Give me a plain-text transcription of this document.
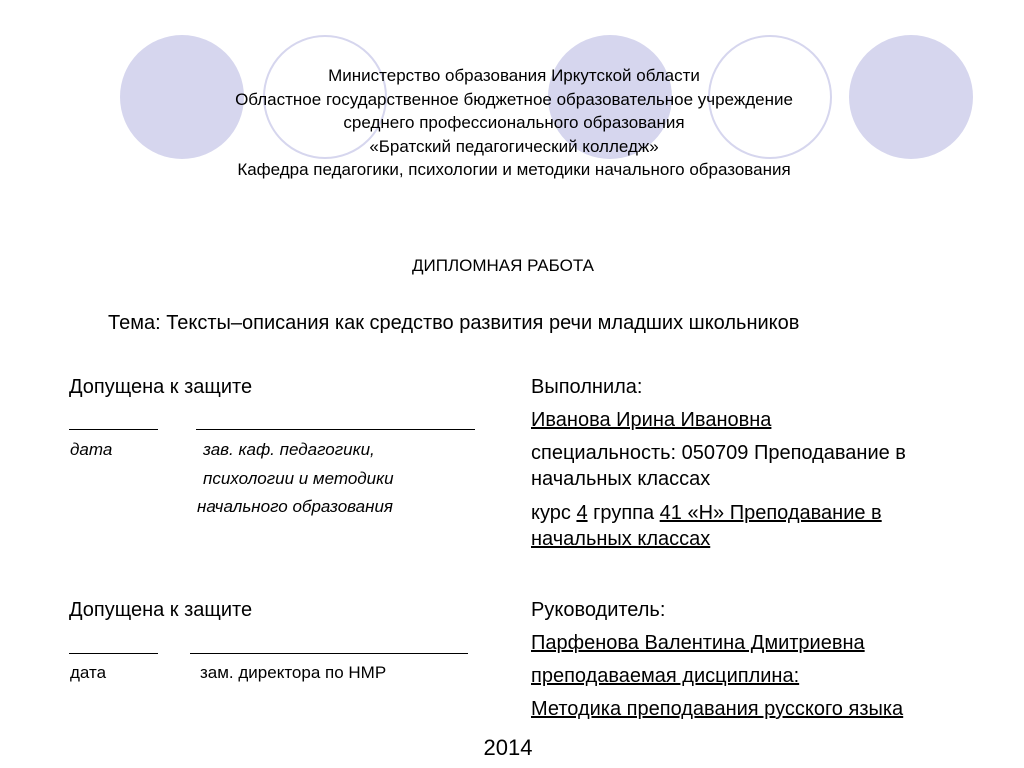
Министерство образования Иркутской области
Областное государственное бюджетное образовательное учреждение
среднего профессионального образования
«Братский педагогический колледж»
Кафедра педагогики, психологии и методики начального образования
ДИПЛОМНАЯ РАБОТА
Тема: Тексты–описания как средство развития речи младших школьников
Допущена к защите
дата	зав. каф. педагогики,
психологии и методики
начального образования
Допущена к защите
дата	зам. директора по НМР
Выполнила:
Иванова Ирина Ивановна
специальность: 050709 Преподавание в начальных классах
курс 4 группа 41 «Н» Преподавание в начальных классах
Руководитель:
Парфенова Валентина Дмитриевна
преподаваемая дисциплина:
Методика преподавания русского языка
2014
